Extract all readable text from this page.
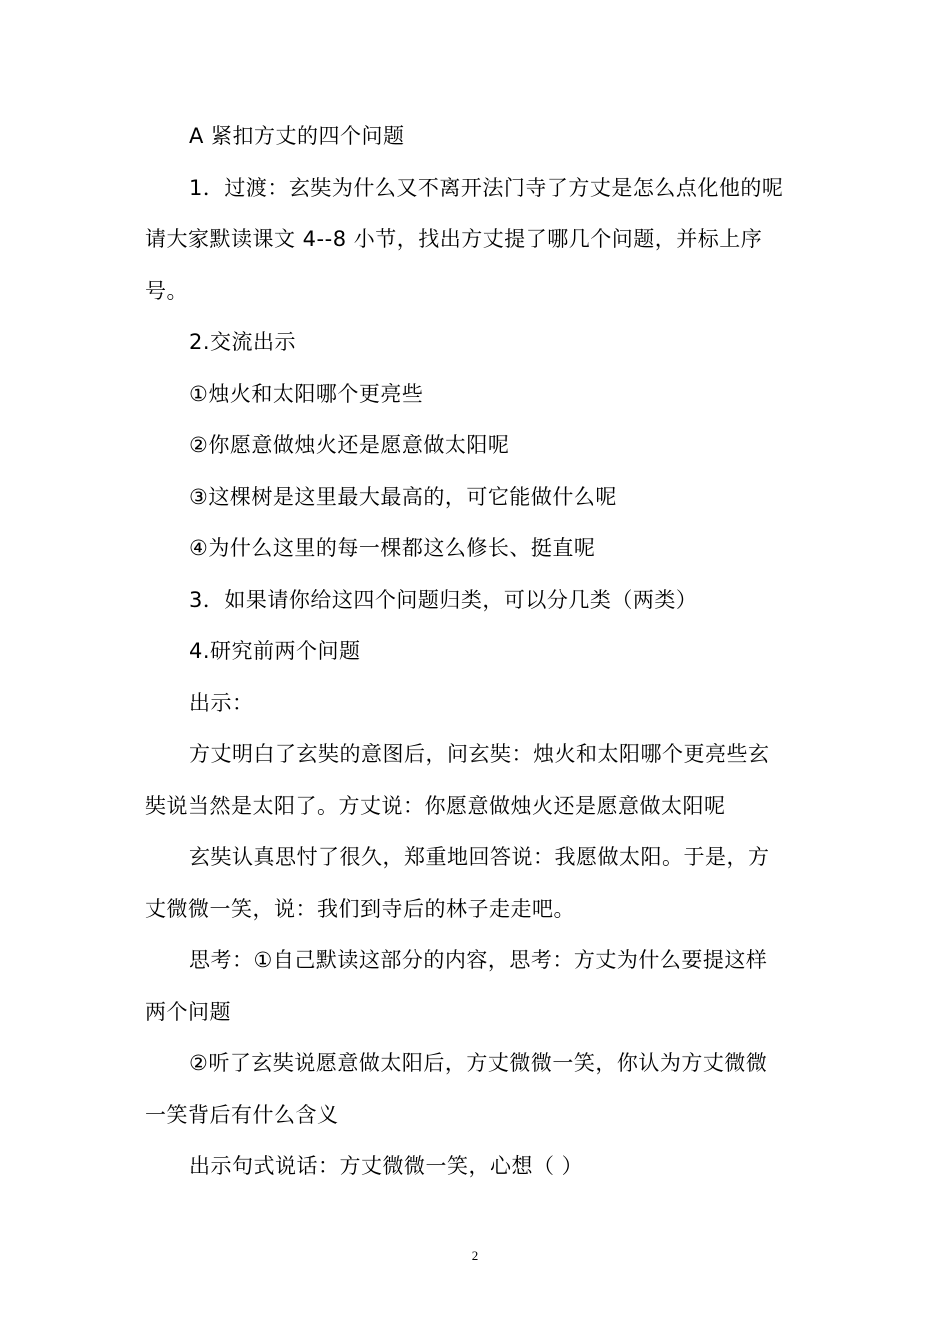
A 紧扣方丈的四个问题

1．过渡：玄奘为什么又不离开法门寺了方丈是怎么点化他的呢

请大家默读课文 4--8 小节，找出方丈提了哪几个问题，并标上序

号。

2.交流出示

①烛火和太阳哪个更亮些

②你愿意做烛火还是愿意做太阳呢

③这棵树是这里最大最高的，可它能做什么呢

④为什么这里的每一棵都这么修长、挺直呢

3．如果请你给这四个问题归类，可以分几类（两类）

4.研究前两个问题

出示：

方丈明白了玄奘的意图后，问玄奘：烛火和太阳哪个更亮些玄

奘说当然是太阳了。方丈说：你愿意做烛火还是愿意做太阳呢

玄奘认真思忖了很久，郑重地回答说：我愿做太阳。于是，方

丈微微一笑，说：我们到寺后的林子走走吧。

思考：①自己默读这部分的内容，思考：方丈为什么要提这样

两个问题

②听了玄奘说愿意做太阳后，方丈微微一笑，你认为方丈微微

一笑背后有什么含义

出示句式说话：方丈微微一笑，心想（ ）

2
